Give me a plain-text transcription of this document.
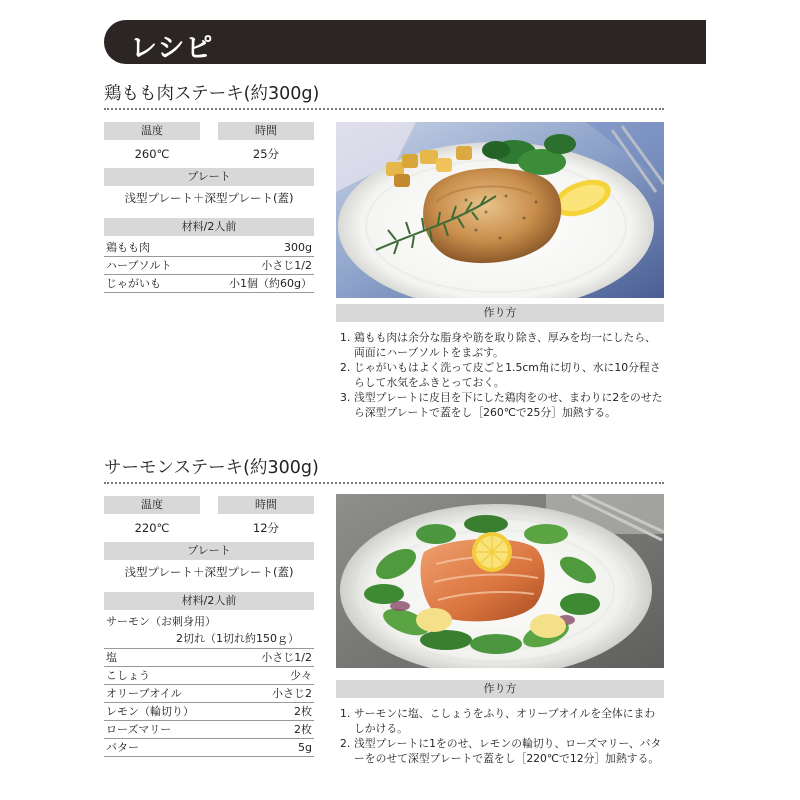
レシピ
鶏もも肉ステーキ(約300g)
温度	時間
260℃	25分
プレート
浅型プレート＋深型プレート(蓋)
材料/2人前
鶏もも肉	300g
ハーブソルト	小さじ1/2
じゃがいも	小1個（約60g）
作り方
1. 鶏もも肉は余分な脂身や筋を取り除き、厚みを均一にしたら、両面にハーブソルトをまぶす。
2. じゃがいもはよく洗って皮ごと1.5cm角に切り、水に10分程さらして水気をふきとっておく。
3. 浅型プレートに皮目を下にした鶏肉をのせ、まわりに2をのせたら深型プレートで蓋をし［260℃で25分］加熱する。
サーモンステーキ(約300g)
温度	時間
220℃	12分
プレート
浅型プレート＋深型プレート(蓋)
材料/2人前
サーモン（お刺身用）
2切れ（1切れ約150ｇ）
塩	小さじ1/2
こしょう	少々
オリーブオイル	小さじ2
レモン（輪切り）	2枚
ローズマリー	2枚
バター	5g
作り方
1. サーモンに塩、こしょうをふり、オリーブオイルを全体にまわしかける。
2. 浅型プレートに1をのせ、レモンの輪切り、ローズマリー、バターをのせて深型プレートで蓋をし［220℃で12分］加熱する。
